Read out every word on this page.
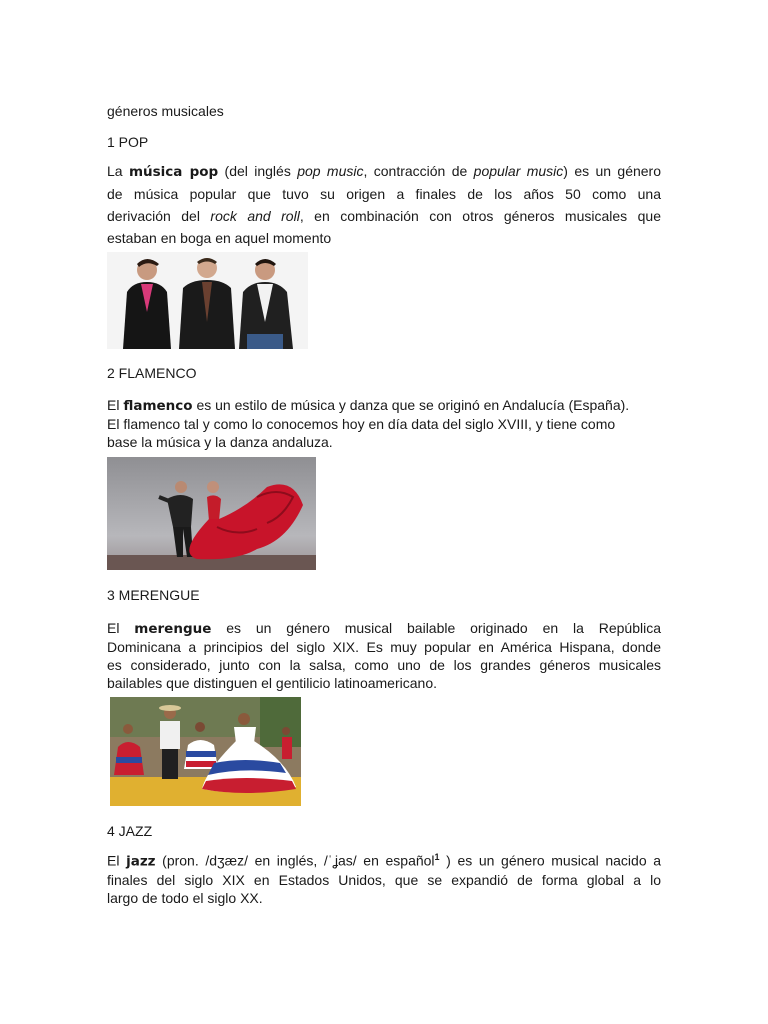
géneros musicales
1 POP
La música pop (del inglés pop music, contracción de popular music) es un género
de música popular que tuvo su origen a finales de los años 50 como una
derivación del rock and roll, en combinación con otros géneros musicales que
estaban en boga en aquel momento
2 FLAMENCO
El flamenco es un estilo de música y danza que se originó en Andalucía (España).
El flamenco tal y como lo conocemos hoy en día data del siglo XVIII, y tiene como
base la música y la danza andaluza.
3 MERENGUE
El merengue es un género musical bailable originado en la República
Dominicana a principios del siglo XIX. Es muy popular en América Hispana, donde
es considerado, junto con la salsa, como uno de los grandes géneros musicales
bailables que distinguen el gentilicio latinoamericano.
4 JAZZ
El jazz (pron. /dʒæz/ en inglés, /ˈʝas/ en español$^1$ ) es un género musical nacido a
finales del siglo XIX en Estados Unidos, que se expandió de forma global a lo
largo de todo el siglo XX.
